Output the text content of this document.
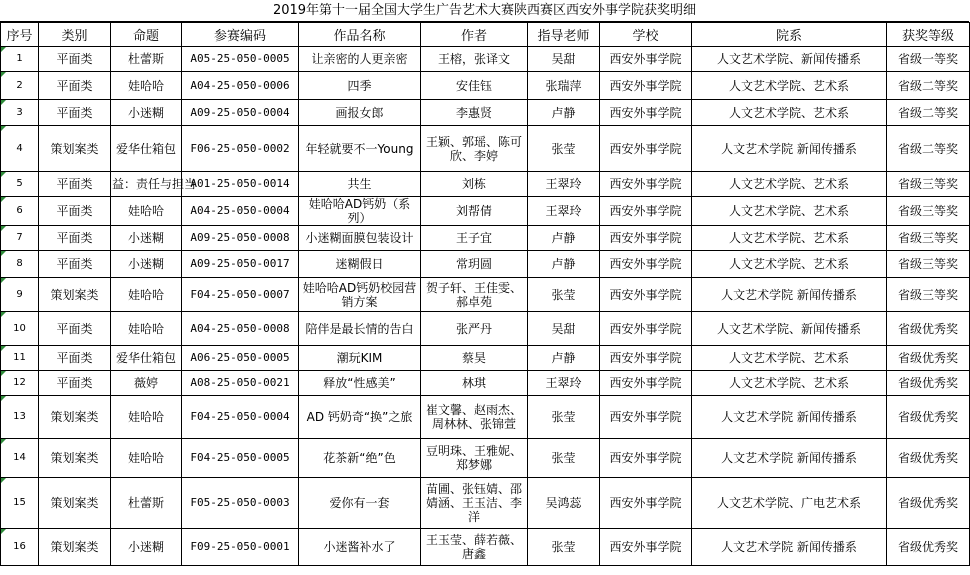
2019年第十一届全国大学生广告艺术大赛陕西赛区西安外事学院获奖明细
序号	类别	命题	参赛编码	作品名称	作者	指导老师	学校	院系	获奖等级
1	平面类	杜蕾斯	A05-25-050-0005	让亲密的人更亲密	王榕，张译文	吴甜	西安外事学院	人文艺术学院、新闻传播系	省级一等奖
2	平面类	娃哈哈	A04-25-050-0006	四季	安佳钰	张瑞萍	西安外事学院	人文艺术学院、艺术系	省级二等奖
3	平面类	小迷糊	A09-25-050-0004	画报女郎	李惠贤	卢静	西安外事学院	人文艺术学院、艺术系	省级二等奖
4	策划案类	爱华仕箱包	F06-25-050-0002	年轻就要不一Young	王颖、郭瑶、陈可欣、李婷	张莹	西安外事学院	人文艺术学院 新闻传播系	省级二等奖
5	平面类	益：责任与担当	A01-25-050-0014	共生	刘栋	王翠玲	西安外事学院	人文艺术学院、艺术系	省级三等奖
6	平面类	娃哈哈	A04-25-050-0004	娃哈哈AD钙奶（系列）	刘帮倩	王翠玲	西安外事学院	人文艺术学院、艺术系	省级三等奖
7	平面类	小迷糊	A09-25-050-0008	小迷糊面膜包装设计	王子宜	卢静	西安外事学院	人文艺术学院、艺术系	省级三等奖
8	平面类	小迷糊	A09-25-050-0017	迷糊假日	常玥圆	卢静	西安外事学院	人文艺术学院、艺术系	省级三等奖
9	策划案类	娃哈哈	F04-25-050-0007	娃哈哈AD钙奶校园营销方案	贺子轩、王佳雯、郝卓苑	张莹	西安外事学院	人文艺术学院 新闻传播系	省级三等奖
10	平面类	娃哈哈	A04-25-050-0008	陪伴是最长情的告白	张严丹	吴甜	西安外事学院	人文艺术学院、新闻传播系	省级优秀奖
11	平面类	爱华仕箱包	A06-25-050-0005	潮玩KIM	蔡昊	卢静	西安外事学院	人文艺术学院、艺术系	省级优秀奖
12	平面类	薇婷	A08-25-050-0021	释放“性感美”	林琪	王翠玲	西安外事学院	人文艺术学院、艺术系	省级优秀奖
13	策划案类	娃哈哈	F04-25-050-0004	AD 钙奶奇“换”之旅	崔文馨、赵雨杰、周林林、张锦萱	张莹	西安外事学院	人文艺术学院 新闻传播系	省级优秀奖
14	策划案类	娃哈哈	F04-25-050-0005	花茶新“绝”色	豆明珠、王雅妮、郑梦娜	张莹	西安外事学院	人文艺术学院 新闻传播系	省级优秀奖
15	策划案类	杜蕾斯	F05-25-050-0003	爱你有一套	苗圃、张钰婧、邵婧涵、王玉洁、李洋	吴鸿蕊	西安外事学院	人文艺术学院、广电艺术系	省级优秀奖
16	策划案类	小迷糊	F09-25-050-0001	小迷酱补水了	王玉莹、薛若薇、唐鑫	张莹	西安外事学院	人文艺术学院 新闻传播系	省级优秀奖
